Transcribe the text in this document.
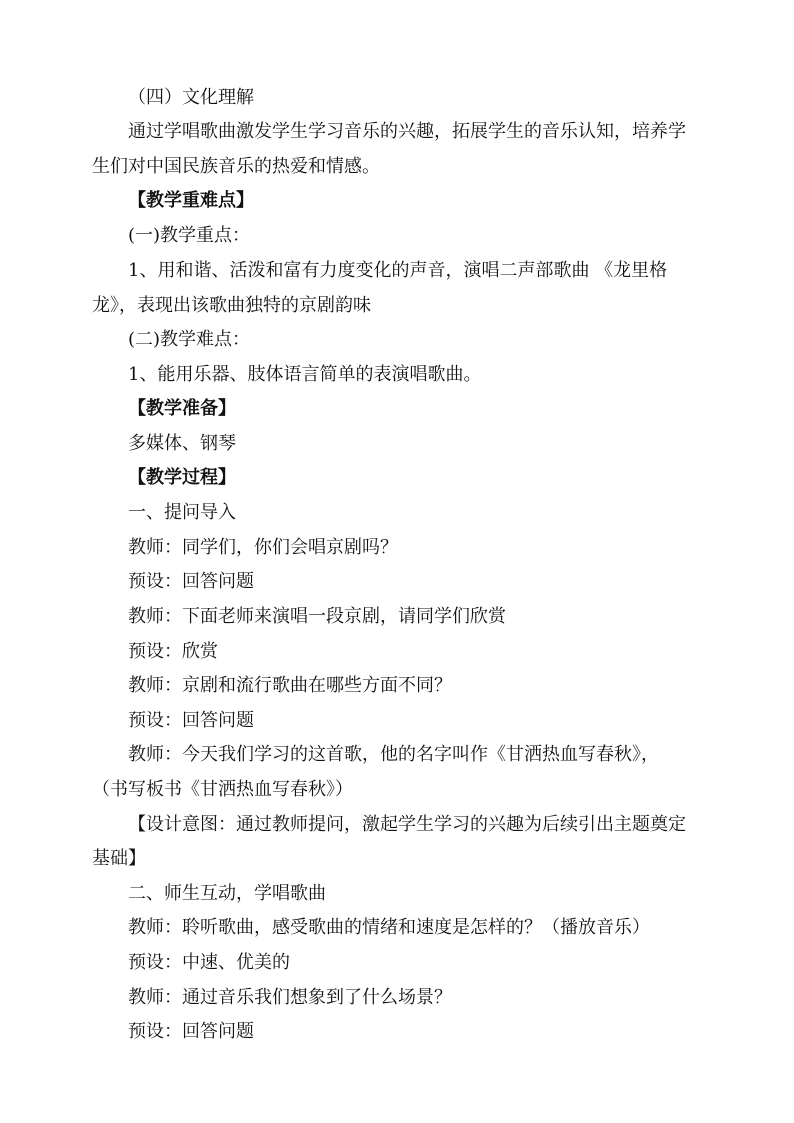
（四）文化理解
通过学唱歌曲激发学生学习音乐的兴趣，拓展学生的音乐认知，培养学
生们对中国民族音乐的热爱和情感。
【教学重难点】
(一)教学重点：
1、用和谐、活泼和富有力度变化的声音，演唱二声部歌曲 《龙里格
龙》，表现出该歌曲独特的京剧韵味
(二)教学难点：
1、能用乐器、肢体语言简单的表演唱歌曲。
【教学准备】
多媒体、钢琴
【教学过程】
一、提问导入
教师：同学们，你们会唱京剧吗？
预设：回答问题
教师：下面老师来演唱一段京剧，请同学们欣赏
预设：欣赏
教师：京剧和流行歌曲在哪些方面不同？
预设：回答问题
教师：今天我们学习的这首歌，他的名字叫作《甘洒热血写春秋》，
（书写板书《甘洒热血写春秋》）
【设计意图：通过教师提问，激起学生学习的兴趣为后续引出主题奠定
基础】
二、师生互动，学唱歌曲
教师：聆听歌曲，感受歌曲的情绪和速度是怎样的？（播放音乐）
预设：中速、优美的
教师：通过音乐我们想象到了什么场景？
预设：回答问题
